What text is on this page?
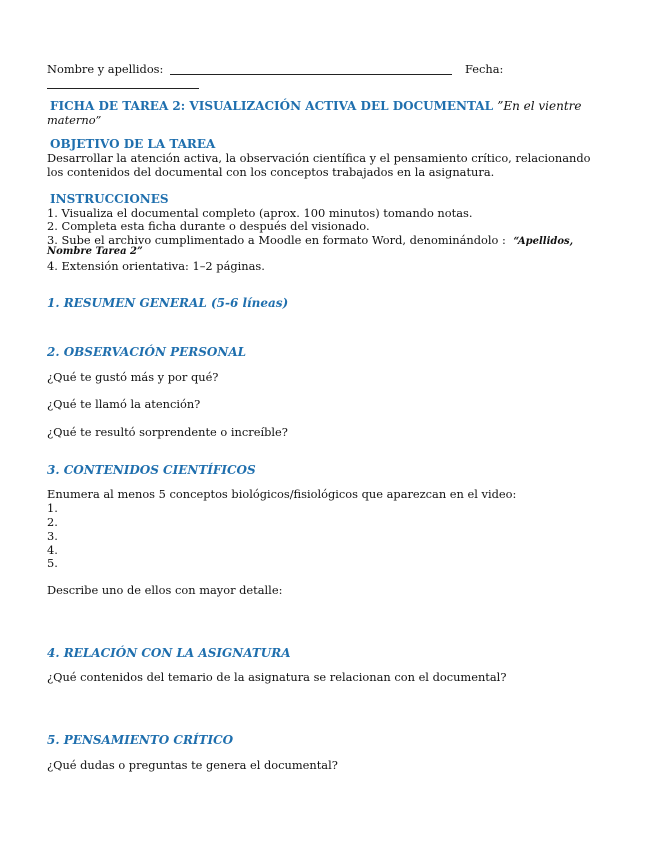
Nombre y apellidos:	Fecha:
FICHA DE TAREA 2: VISUALIZACIÓN ACTIVA DEL DOCUMENTAL ”En el vientre
materno”
OBJETIVO DE LA TAREA
Desarrollar la atención activa, la observación científica y el pensamiento crítico, relacionando
los contenidos del documental con los conceptos trabajados en la asignatura.
INSTRUCCIONES
1. Visualiza el documental completo (aprox. 100 minutos) tomando notas.
2. Completa esta ficha durante o después del visionado.
3. Sube el archivo cumplimentado a Moodle en formato Word, denominándolo : “Apellidos,
Nombre Tarea 2”
4. Extensión orientativa: 1–2 páginas.
1. RESUMEN GENERAL (5-6 líneas)
2. OBSERVACIÓN PERSONAL
¿Qué te gustó más y por qué?
¿Qué te llamó la atención?
¿Qué te resultó sorprendente o increíble?
3. CONTENIDOS CIENTÍFICOS
Enumera al menos 5 conceptos biológicos/fisiológicos que aparezcan en el video:
1.
2.
3.
4.
5.
Describe uno de ellos con mayor detalle:
4. RELACIÓN CON LA ASIGNATURA
¿Qué contenidos del temario de la asignatura se relacionan con el documental?
5. PENSAMIENTO CRÍTICO
¿Qué dudas o preguntas te genera el documental?
